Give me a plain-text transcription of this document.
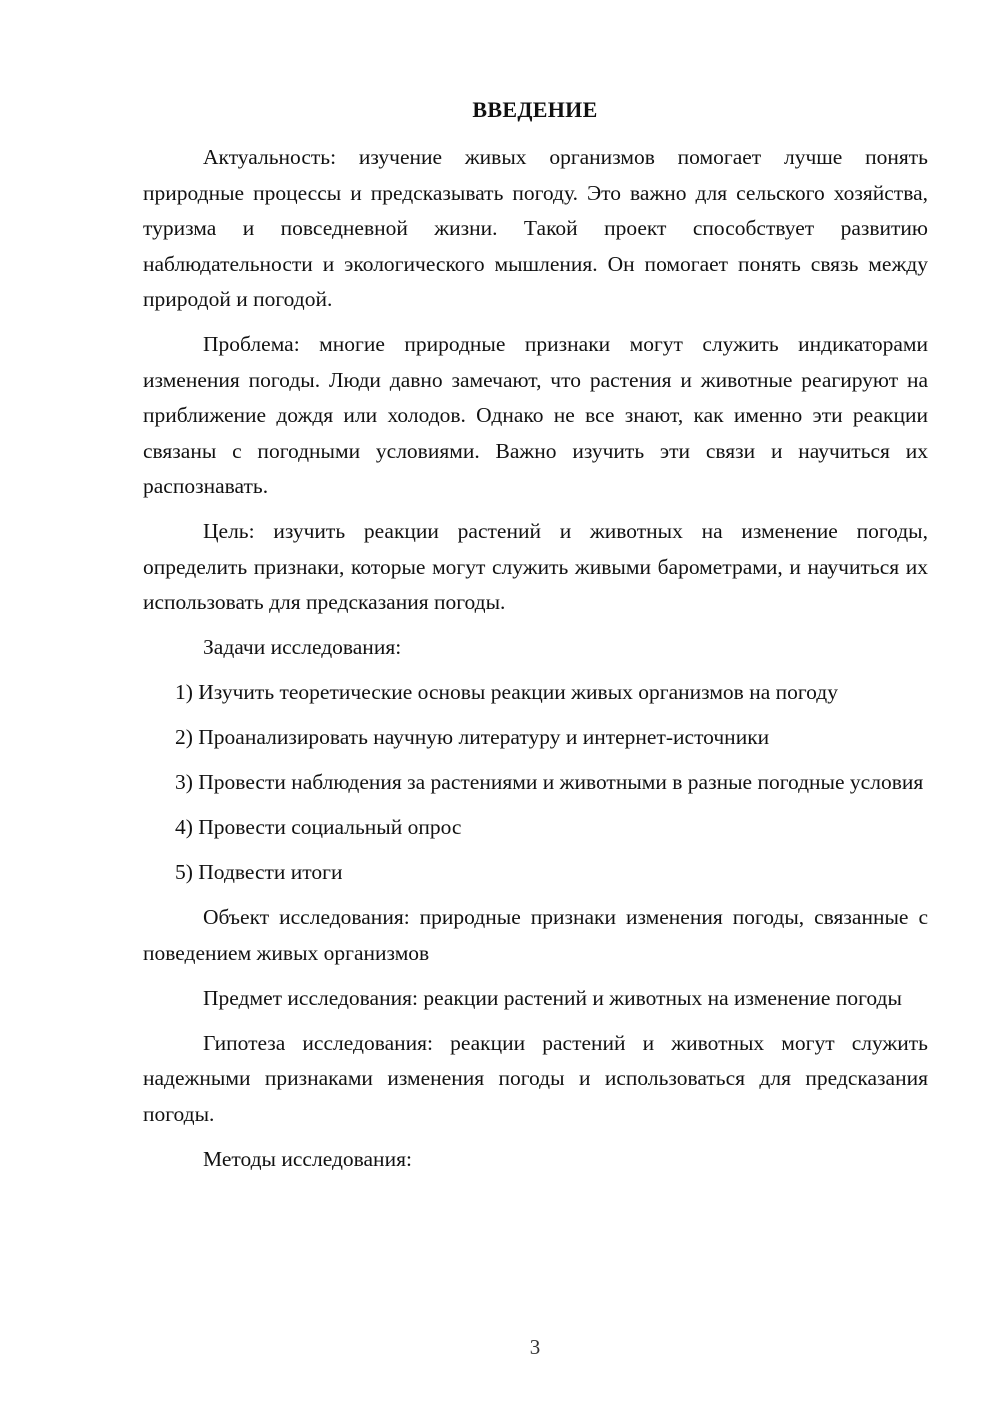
ВВЕДЕНИЕ

Актуальность: изучение живых организмов помогает лучше понять природные процессы и предсказывать погоду. Это важно для сельского хозяйства, туризма и повседневной жизни. Такой проект способствует развитию наблюдательности и экологического мышления. Он помогает понять связь между природой и погодой.

Проблема: многие природные признаки могут служить индикаторами изменения погоды. Люди давно замечают, что растения и животные реагируют на приближение дождя или холодов. Однако не все знают, как именно эти реакции связаны с погодными условиями. Важно изучить эти связи и научиться их распознавать.

Цель: изучить реакции растений и животных на изменение погоды, определить признаки, которые могут служить живыми барометрами, и научиться их использовать для предсказания погоды.

Задачи исследования:

1) Изучить теоретические основы реакции живых организмов на погоду

2) Проанализировать научную литературу и интернет-источники

3) Провести наблюдения за растениями и животными в разные погодные условия

4) Провести социальный опрос

5) Подвести итоги

Объект исследования: природные признаки изменения погоды, связанные с поведением живых организмов

Предмет исследования: реакции растений и животных на изменение погоды

Гипотеза исследования: реакции растений и животных могут служить надежными признаками изменения погоды и использоваться для предсказания погоды.

Методы исследования:

3
